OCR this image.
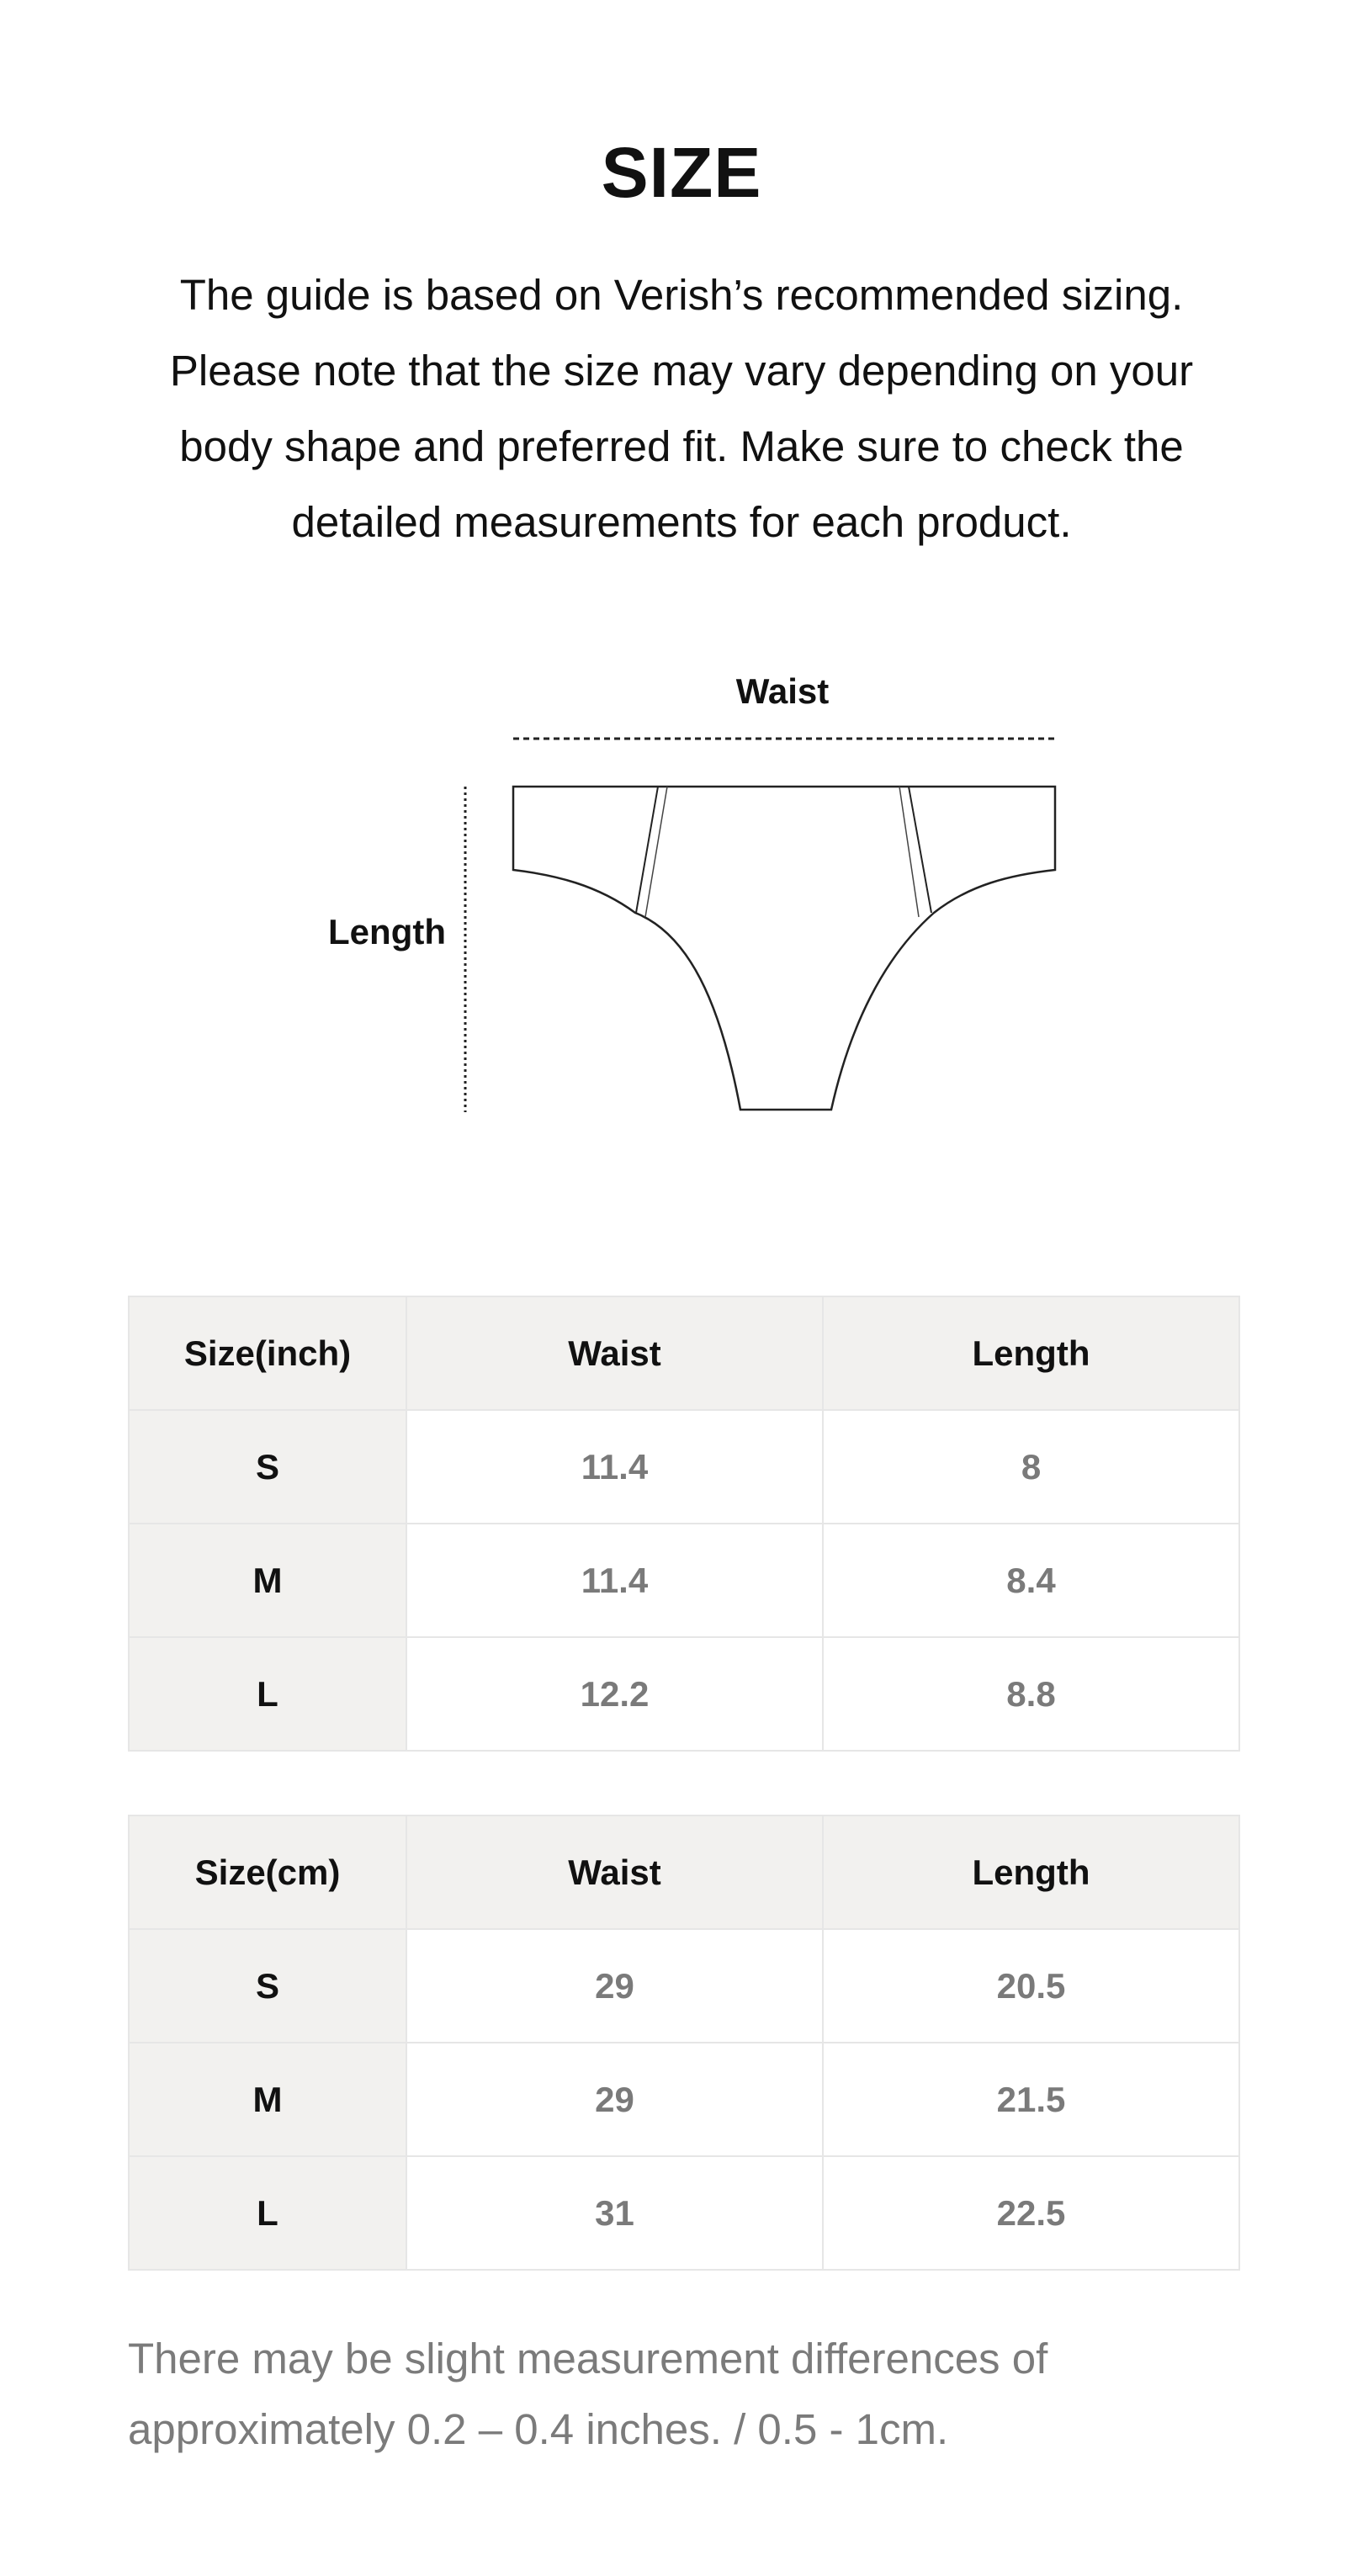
SIZE

The guide is based on Verish’s recommended sizing.
Please note that the size may vary depending on your
body shape and preferred fit. Make sure to check the
detailed measurements for each product.

Waist
Length
Size(inch)	Waist	Length
S	11.4	8
M	11.4	8.4
L	12.2	8.8
Size(cm)	Waist	Length
S	29	20.5
M	29	21.5
L	31	22.5

There may be slight measurement differences of
approximately 0.2 – 0.4 inches. / 0.5 - 1cm.
